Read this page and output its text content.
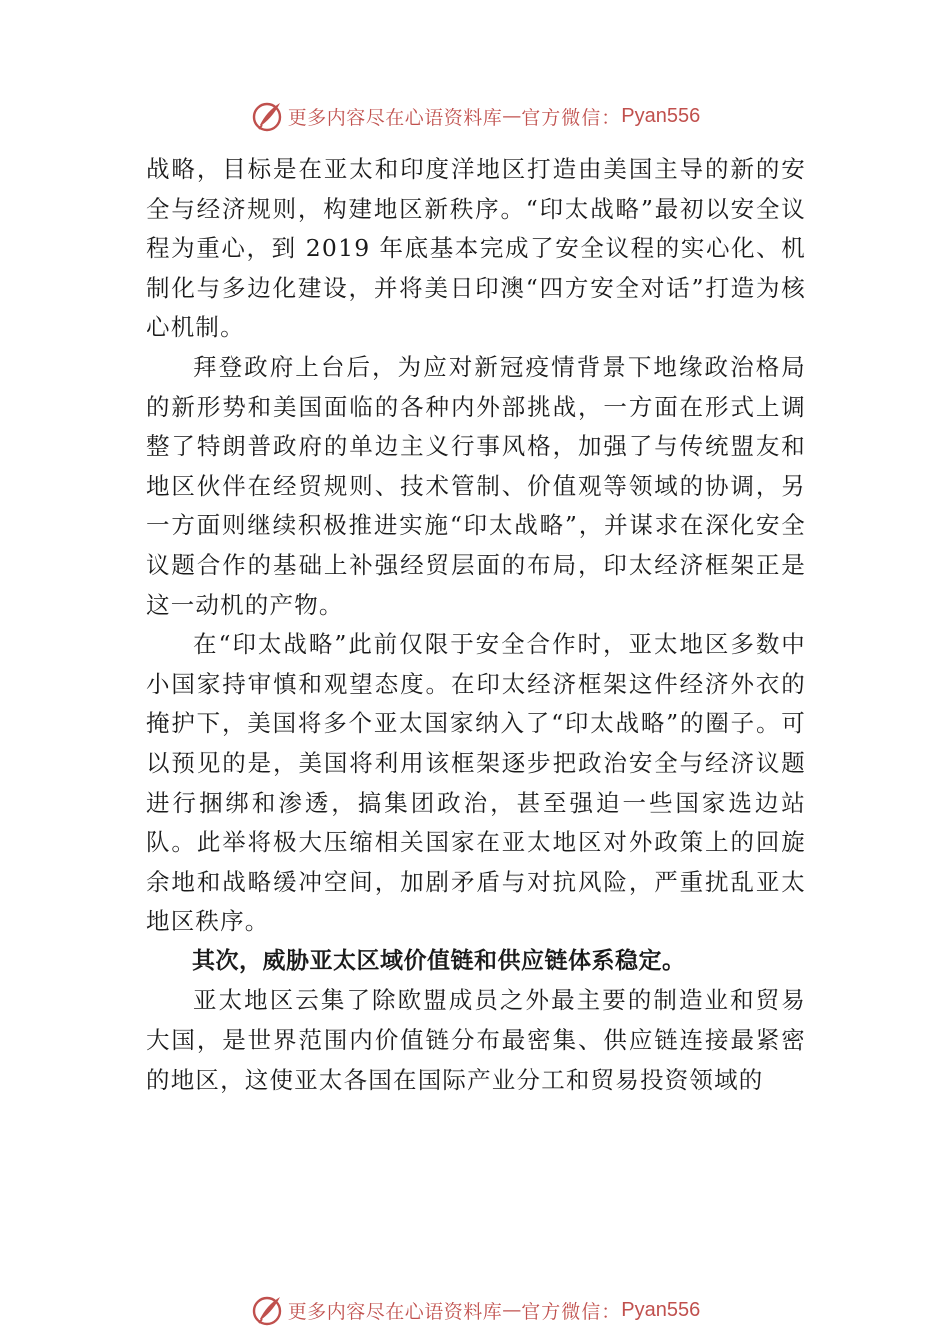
更多内容尽在心语资料库 — 官方微信： Pyan556

战略，目标是在亚太和印度洋地区打造由美国主导的新的安全与经济规则，构建地区新秩序。“印太战略”最初以安全议 程为重心，到 2019 年底基本完成了安全议程的实心化、机制化与多边化建设，并将美日印澳“四方安全对话”打造为核心机制。

拜登政府上台后，为应对新冠疫情背景下地缘政治格局的新形势和美国面临的各种内外部挑战，一方面在形式上调整了特朗普政府的单边主义行事风格，加强了与传统盟友和地区伙伴在经贸规则、技术管制、价值观等领域的协调，另一方面则继续积极推进实施“印太战略”，并谋求在深化安全议题合作的基础上补强经贸层面的布局，印太经济框架正是这一动机的产物。

在“印太战略”此前仅限于安全合作时，亚太地区多数中小国家持审慎和观望态度。在印太经济框架这件经济外衣的掩护下，美国将多个亚太国家纳入了“印太战略”的圈子。可以预见的是，美国将利用该框架逐步把政治安全与经济议题进行捆绑和渗透，搞集团政治，甚至强迫一些国家选边站队。此举将极大压缩相关国家在亚太地区对外政策上的回旋余地和战略缓冲空间，加剧矛盾与对抗风险，严重扰乱亚太地区秩序。

其次，威胁亚太区域价值链和供应链体系稳定。

亚太地区云集了除欧盟成员之外最主要的制造业和贸易大国，是世界范围内价值链分布最密集、供应链连接最紧密的地区，这使亚太各国在国际产业分工和贸易投资领域的

更多内容尽在心语资料库 — 官方微信： Pyan556
